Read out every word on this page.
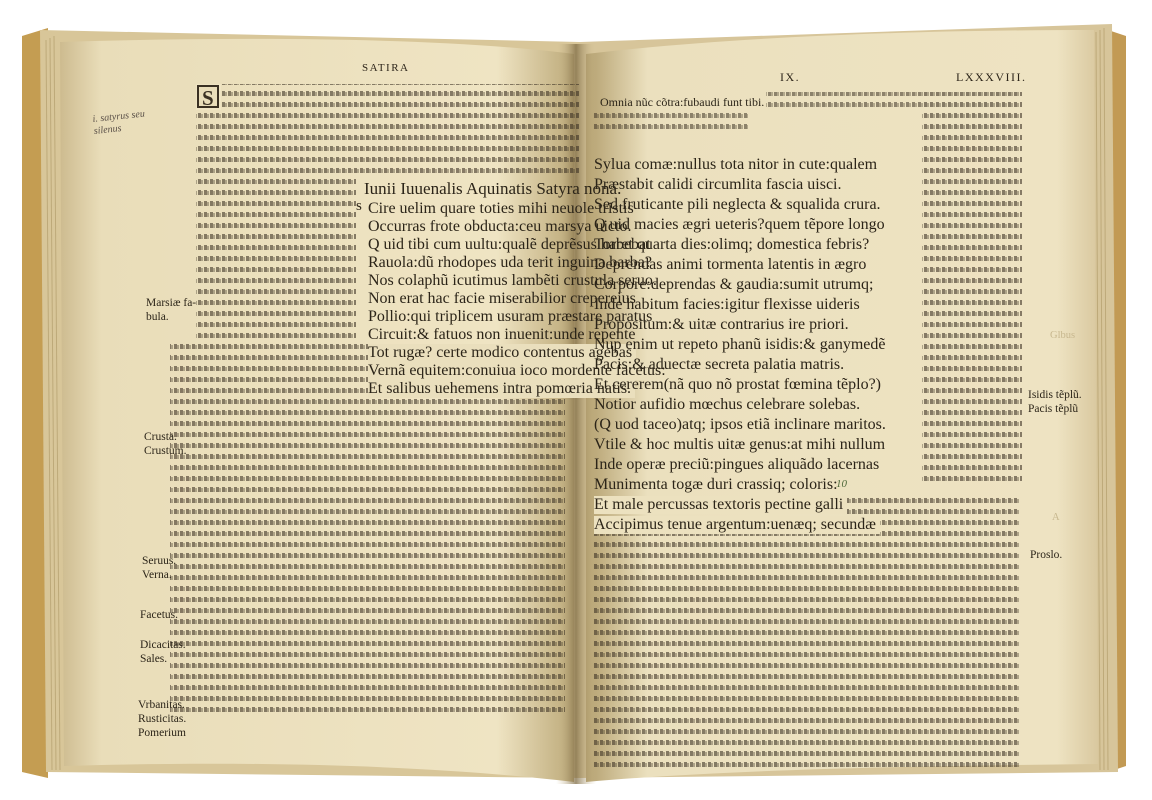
SATIRA
S
i. satyrus seu
silenus
Iunii Iuuenalis Aquinatis Satyra nona.
Cire uelim quare toties mihi neuole tristis
s
Occurras frote obducta:ceu marsya uicto.
Q uid tibi cum uultu:qualẽ deprẽsus habebat
Rauola:dũ rhodopes uda terit inguina barba?
Nos colaphũ icutimus lambẽti crustula seruo.
Non erat hac facie miserabilior crepereius
Pollio:qui triplicem usuram præstare paratus
Circuit:& fatuos non inuenit:unde repente
Tot rugæ? certe modico contentus agebas
Vernã equitem:conuiua ioco mordente facetus:
Et salibus uehemens intra pomœria natis.
Marsiæ fa-
bula.
Crusta.
Crustum.
Seruus.
Verna.
Facetus.
Dicacitas.
Sales.
Vrbanitas.
Rusticitas.
Pomerium
IX.	LXXXVIII.
Omnia nũc cõtra:fubaudi funt tibi.
Sylua comæ:nullus tota nitor in cute:qualem
Præstabit calidi circumlita fascia uisci.
Sed fruticante pili neglecta & squalida crura.
Q uid macies ægri ueteris?quem tẽpore longo
Torret quarta dies:olimq; domestica febris?
Deprendas animi tormenta latentis in ægro
Corpore:deprendas & gaudia:sumit utrumq;
Inde habitum facies:igitur flexisse uideris
Propositum:& uitæ contrarius ire priori.
Nup enim ut repeto phanũ isidis:& ganymedẽ
Pacis:& aduectæ secreta palatia matris.
Et cererem(nã quo nõ prostat fœmina tẽplo?)
Notior aufidio mœchus celebrare solebas.
(Q uod taceo)atq; ipsos etiã inclinare maritos.
Vtile & hoc multis uitæ genus:at mihi nullum
Inde operæ preciũ:pingues aliquãdo lacernas
Munimenta togæ duri crassiq; coloris:
Et male percussas textoris pectine galli
Accipimus tenue argentum:uenæq; secundæ
10
Isidis tẽplũ.
Pacis tẽplũ
Proslo.
Glbus
A
